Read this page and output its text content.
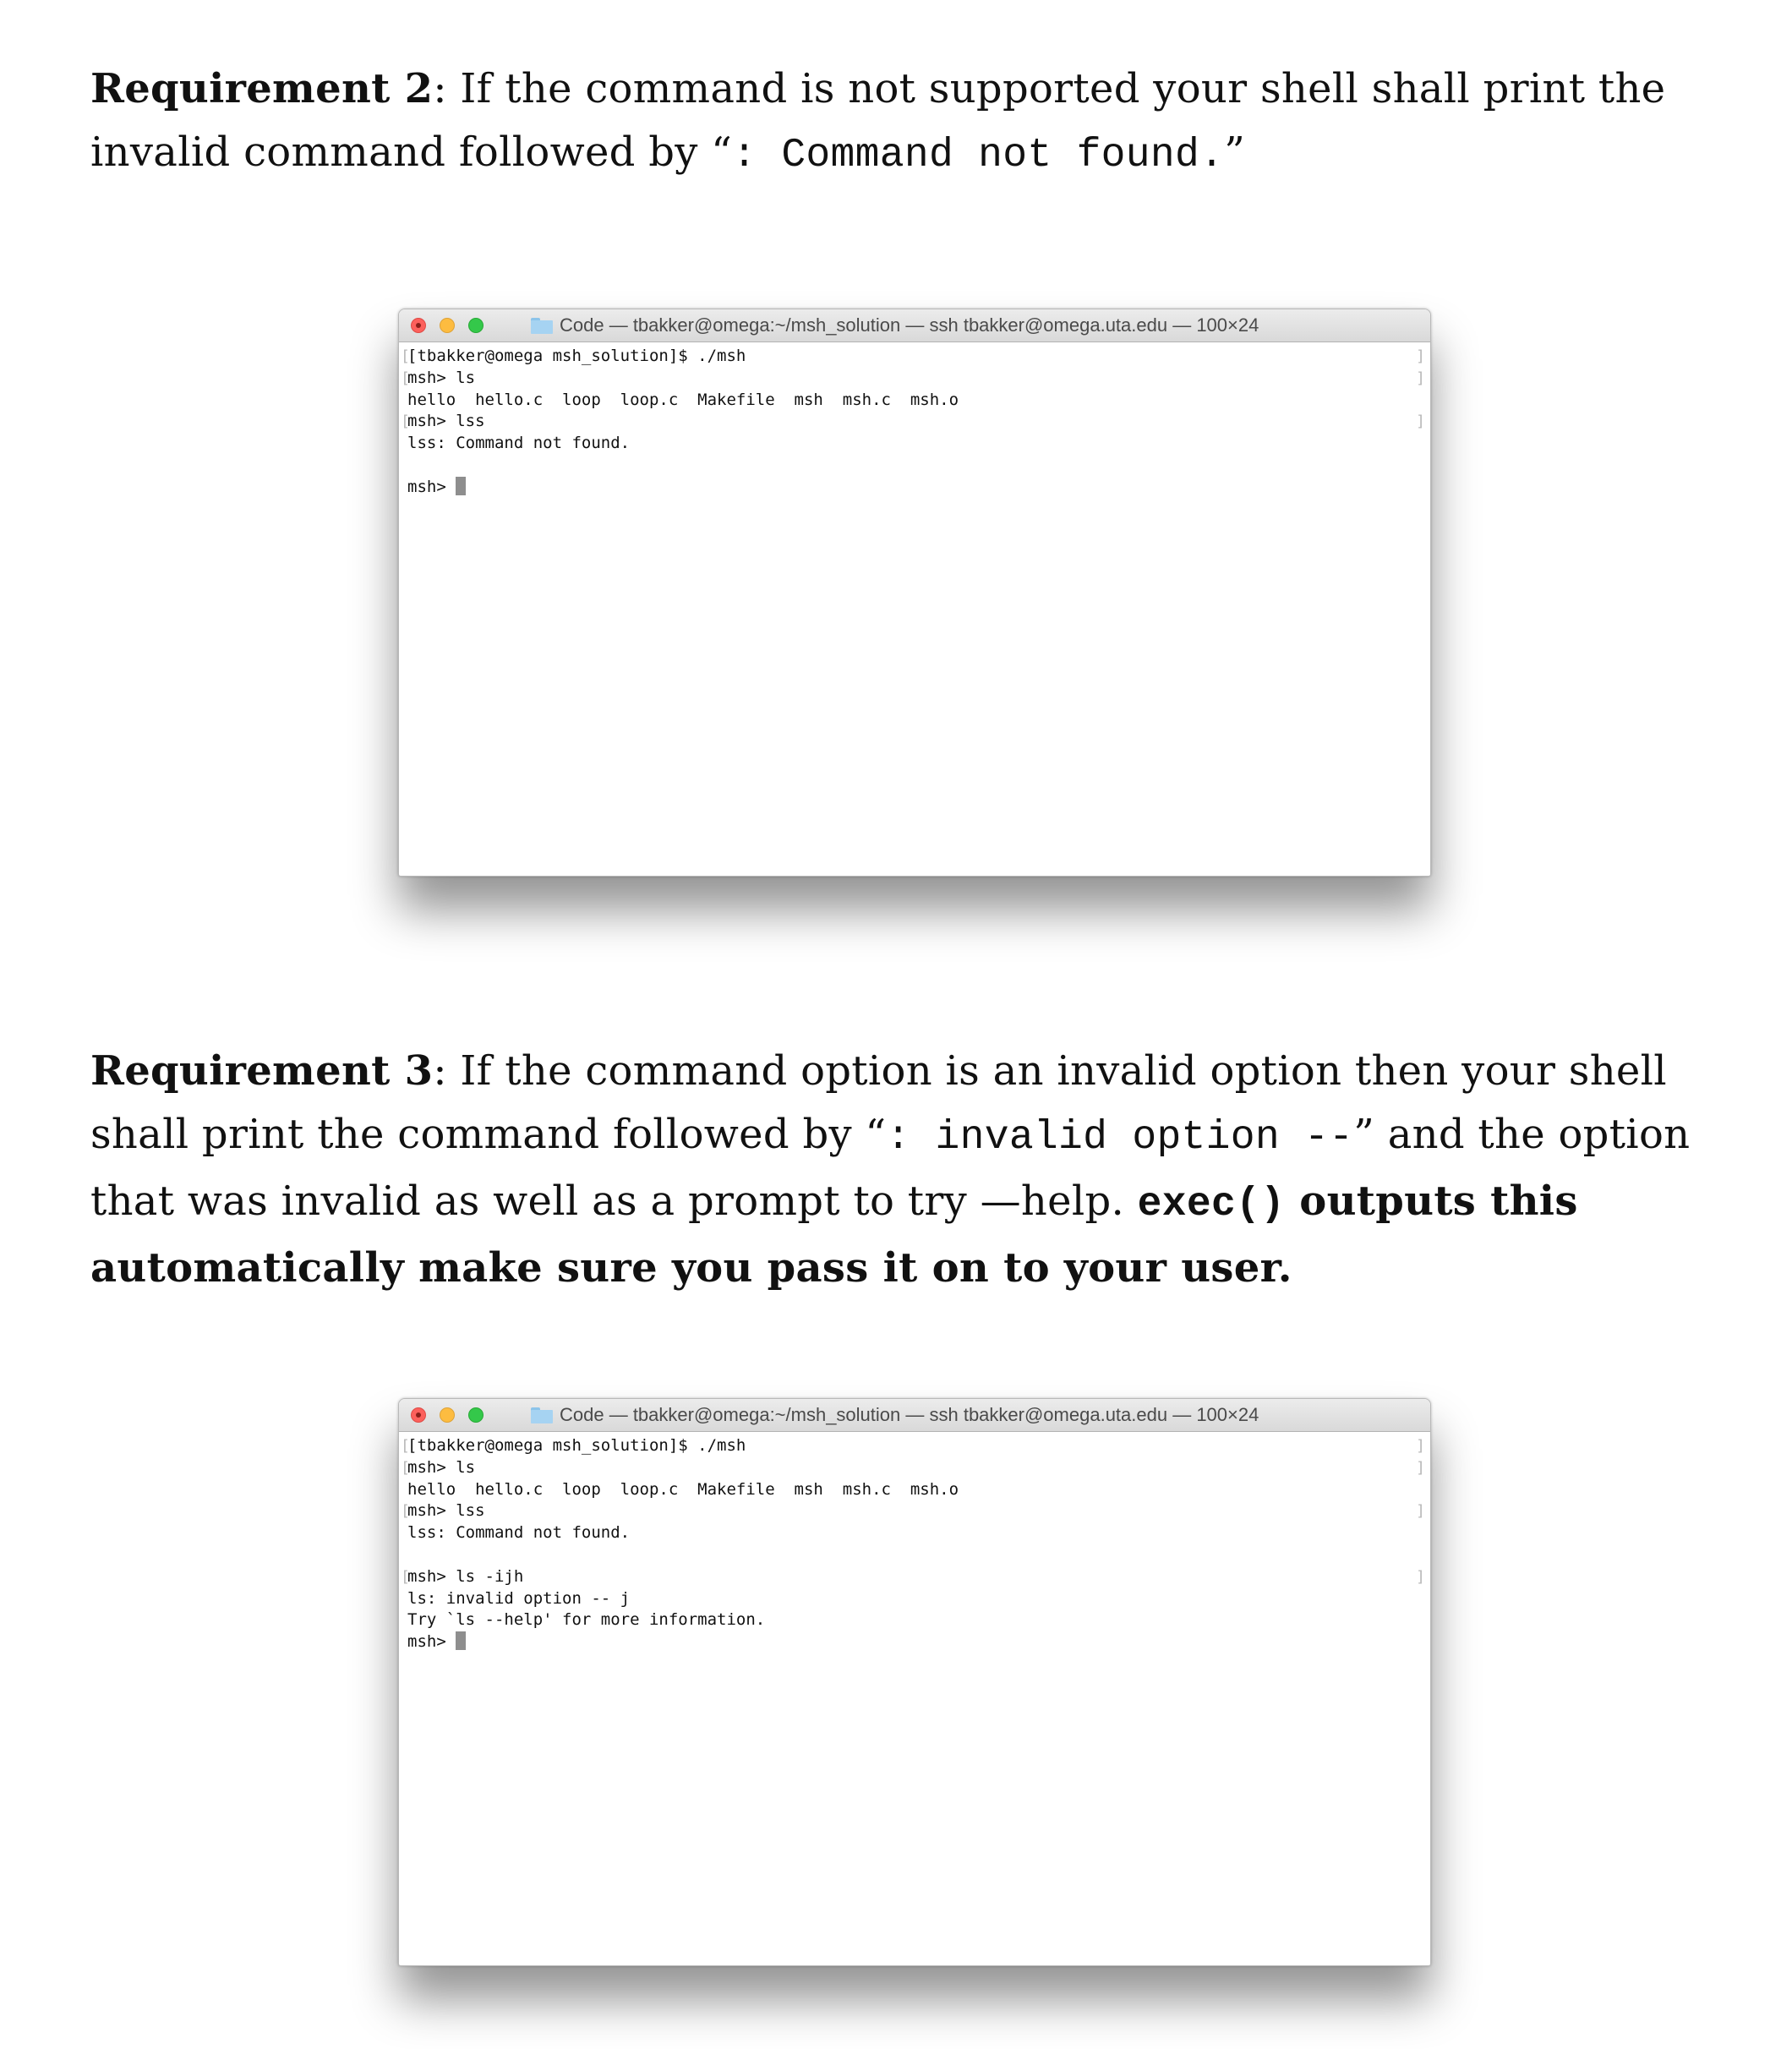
Requirement 2: If the command is not supported your shell shall print the invalid command followed by “: Command not found.”

Code — tbakker@omega:~/msh_solution — ssh tbakker@omega.uta.edu — 100×24
[
[
[
]
]
]
[tbakker@omega msh_solution]$ ./msh
msh> ls
hello  hello.c  loop  loop.c  Makefile  msh  msh.c  msh.o
msh> lss
lss: Command not found.
msh>

Requirement 3: If the command option is an invalid option then your shell shall print the command followed by “: invalid option --” and the option that was invalid as well as a prompt to try —help. exec() outputs this automatically make sure you pass it on to your user.

Code — tbakker@omega:~/msh_solution — ssh tbakker@omega.uta.edu — 100×24
[
[
[
[
]
]
]
]
[tbakker@omega msh_solution]$ ./msh
msh> ls
hello  hello.c  loop  loop.c  Makefile  msh  msh.c  msh.o
msh> lss
lss: Command not found.
msh> ls -ijh
ls: invalid option -- j
Try `ls --help' for more information.
msh>
